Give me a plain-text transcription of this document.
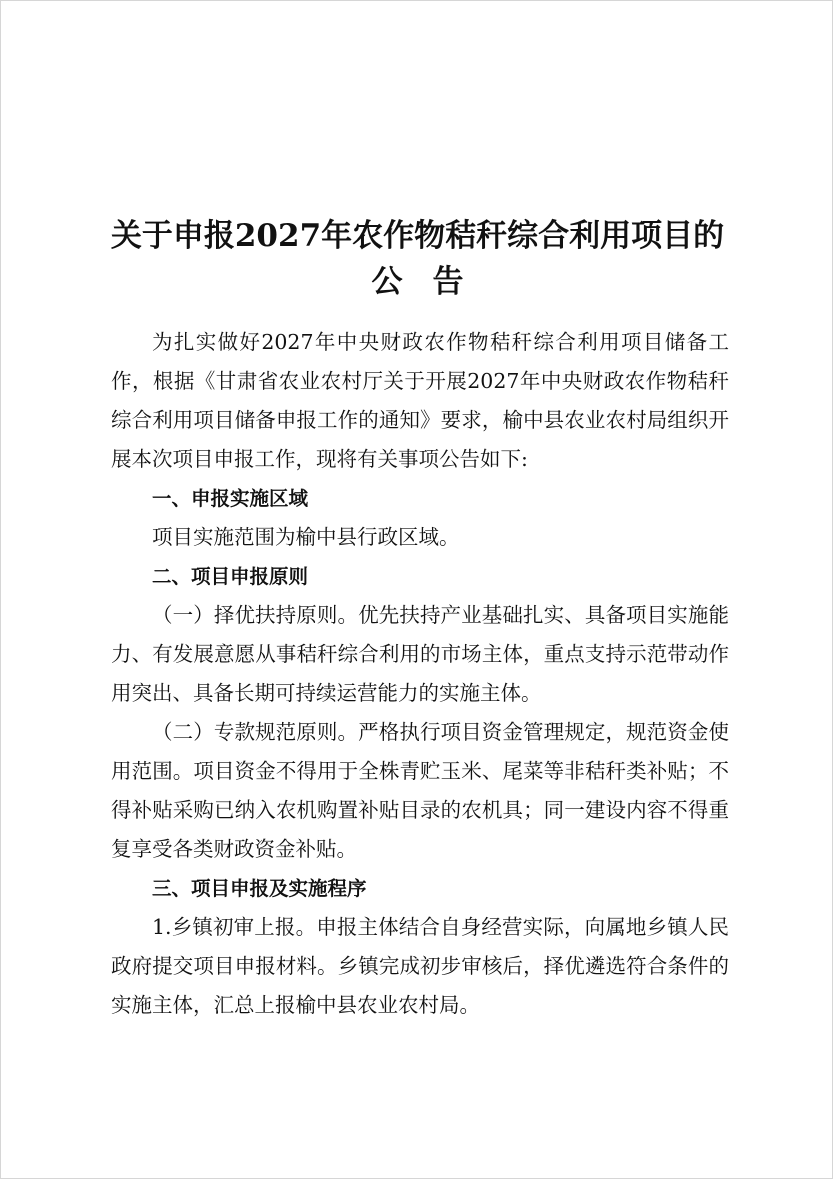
关于申报2027年农作物秸秆综合利用项目的
公告

为扎实做好2027年中央财政农作物秸秆综合利用项目储备工作，根据《甘肃省农业农村厅关于开展2027年中央财政农作物秸秆综合利用项目储备申报工作的通知》要求，榆中县农业农村局组织开展本次项目申报工作，现将有关事项公告如下:

一、申报实施区域

项目实施范围为榆中县行政区域。

二、项目申报原则

（一）择优扶持原则。优先扶持产业基础扎实、具备项目实施能力、有发展意愿从事秸秆综合利用的市场主体，重点支持示范带动作用突出、具备长期可持续运营能力的实施主体。

（二）专款规范原则。严格执行项目资金管理规定，规范资金使用范围。项目资金不得用于全株青贮玉米、尾菜等非秸秆类补贴；不得补贴采购已纳入农机购置补贴目录的农机具；同一建设内容不得重复享受各类财政资金补贴。

三、项目申报及实施程序

1.乡镇初审上报。申报主体结合自身经营实际，向属地乡镇人民政府提交项目申报材料。乡镇完成初步审核后，择优遴选符合条件的实施主体，汇总上报榆中县农业农村局。
